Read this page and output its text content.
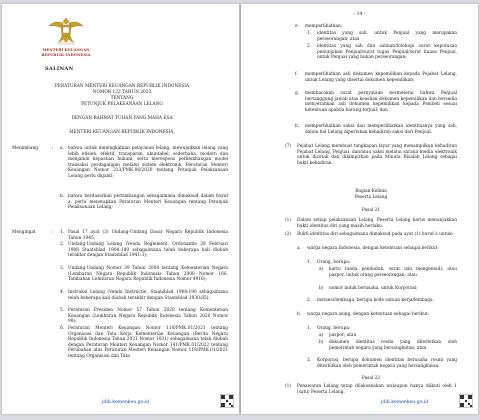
MENTERI KEUANGAN
REPUBLIK INDONESIA
SALINAN
PERATURAN MENTERI KEUANGAN REPUBLIK INDONESIA
NOMOR 122 TAHUN 2023
TENTANG
PETUNJUK PELAKSANAAN LELANG
DENGAN RAHMAT TUHAN YANG MAHA ESA
MENTERI KEUANGAN REPUBLIK INDONESIA,
Menimbang	: a. bahwa untuk meningkatkan pelayanan lelang, mewujudkan lelang yang lebih efisien, efektif, transparan, akuntabel, sederhana, modern dan menjamin kepastian hukum, serta merespons perkembangan model transaksi perdagangan melalui sistem elektronik, Peraturan Menteri Keuangan Nomor 213/PMK.06/2020 tentang Petunjuk Pelaksanaan Lelang perlu diganti;
b. bahwa berdasarkan pertimbangan sebagaimana dimaksud dalam huruf a, perlu menetapkan Peraturan Menteri Keuangan tentang Petunjuk Pelaksanaan Lelang;
Mengingat	: 1. Pasal 17 ayat (3) Undang-Undang Dasar Negara Republik Indonesia Tahun 1945;
2. Undang-Undang Lelang (Vendu Reglement, Ordonantie 28 Februari 1908 Staatsblad 1908:189 sebagaimana telah beberapa kali diubah terakhir dengan Staatsblad 1941:3);
3. Undang-Undang Nomor 39 Tahun 2008 tentang Kementerian Negara (Lembaran Negara Republik Indonesia Tahun 2008 Nomor 166, Tambahan Lembaran Negara Republik Indonesia Nomor 4916);
4. Instruksi Lelang (Vendu Instructie, Staatsblad 1908:190 sebagaimana telah beberapa kali diubah terakhir dengan Staatsblad 1930:85);
5. Peraturan Presiden Nomor 57 Tahun 2020 tentang Kementerian Keuangan (Lembaran Negara Republik Indonesia Tahun 2020 Nomor 98);
6. Peraturan Menteri Keuangan Nomor 118/PMK.01/2021 tentang Organisasi dan Tata Kerja Kementerian Keuangan (Berita Negara Republik Indonesia Tahun 2021 Nomor 1031) sebagaimana telah diubah dengan Peraturan Menteri Keuangan Nomor 141/PMK.01/2022 tentang Perubahan atas Peraturan Menteri Keuangan Nomor 118/PMK.01/2021 tentang Organisasi dan Tata
jdih.kemenkeu.go.id
- 14 -
e.	memperlihatkan:
1.	identitas yang sah, untuk Penjual yang merupakan perseorangan; atau
2.	identitas yang sah dan salinan/fotokopi surat keputusan penunjukan Penjual/surat tugas Penjual/surat kuasa Penjual, untuk Penjual yang bukan perseorangan;
f.	memperlihatkan asli dokumen kepemilikan kepada Pejabat Lelang, untuk Lelang yang disertai dokumen kepemilikan;
g.	membacakan surat pernyataan bermeterai bahwa Penjual bertanggung jawab atas keaslian dokumen kepemilikan dan bersedia menyerahkan asli dokumen kepemilikan kepada Pembeli sesuai ketentuan apabila barang terjual; dan
h.	memperlihatkan saksi dan memperlihatkan identitasnya yang sah, dalam hal Lelang diperlukan kehadiran saksi dari Penjual.
(7)	Pejabat Lelang membuat tangkapan layar yang menampilkan kehadiran Pejabat Lelang, Penjual, dan/atau saksi melalui sarana media elektronik untuk dicetak dan dilampirkan pada Minuta Risalah Lelang sebagai bukti kehadiran.
Bagian Kelima
Peserta Lelang
Pasal 21
(1)	Dalam setiap pelaksanaan Lelang, Peserta Lelang harus menunjukkan bukti identitas diri yang masih berlaku.
(2)	Bukti identitas diri sebagaimana dimaksud pada ayat (1) huruf a untuk:
a.	warga negara Indonesia, dengan ketentuan sebagai berikut:
1.	Orang, berupa:
a)	kartu tanda penduduk, surat izin mengemudi, atau paspor, untuk orang perseorangan; atau
b)	nomor induk berusaha, untuk Korporasi;
2.	instansi/lembaga, berupa kode satuan kerja/lembaga.
b.	warga negara asing, dengan ketentuan sebagai berikut:
1.	Orang, berupa:
a)	paspor; atau
b)	dokumen identitas resmi yang diterbitkan oleh pemerintah negara yang bersangkutan; atau
2.	Korporasi, berupa dokumen identitas berusaha resmi yang diterbitkan oleh pemerintah negara yang bersangkutan.
Pasal 22
(1)	Penawaran Lelang tetap dilaksanakan walaupun hanya diikuti oleh 1 (satu) Peserta Lelang.
jdih.kemenkeu.go.id
